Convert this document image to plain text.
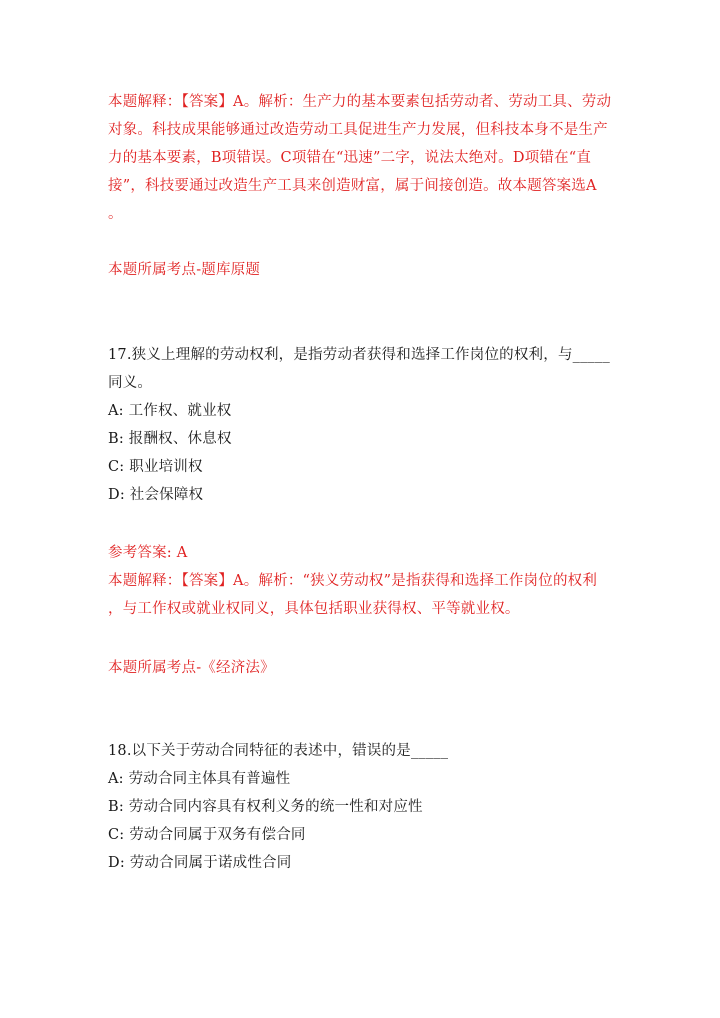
本题解释：【答案】A。解析：生产力的基本要素包括劳动者、劳动工具、劳动
对象。科技成果能够通过改造劳动工具促进生产力发展，但科技本身不是生产
力的基本要素，B项错误。C项错在“迅速”二字，说法太绝对。D项错在“直
接”，科技要通过改造生产工具来创造财富，属于间接创造。故本题答案选A
。
本题所属考点-题库原题
17.狭义上理解的劳动权利，是指劳动者获得和选择工作岗位的权利，与_____
同义。
A: 工作权、就业权
B: 报酬权、休息权
C: 职业培训权
D: 社会保障权
参考答案: A
本题解释：【答案】A。解析：“狭义劳动权”是指获得和选择工作岗位的权利
，与工作权或就业权同义，具体包括职业获得权、平等就业权。
本题所属考点-《经济法》
18.以下关于劳动合同特征的表述中，错误的是_____
A: 劳动合同主体具有普遍性
B: 劳动合同内容具有权利义务的统一性和对应性
C: 劳动合同属于双务有偿合同
D: 劳动合同属于诺成性合同
